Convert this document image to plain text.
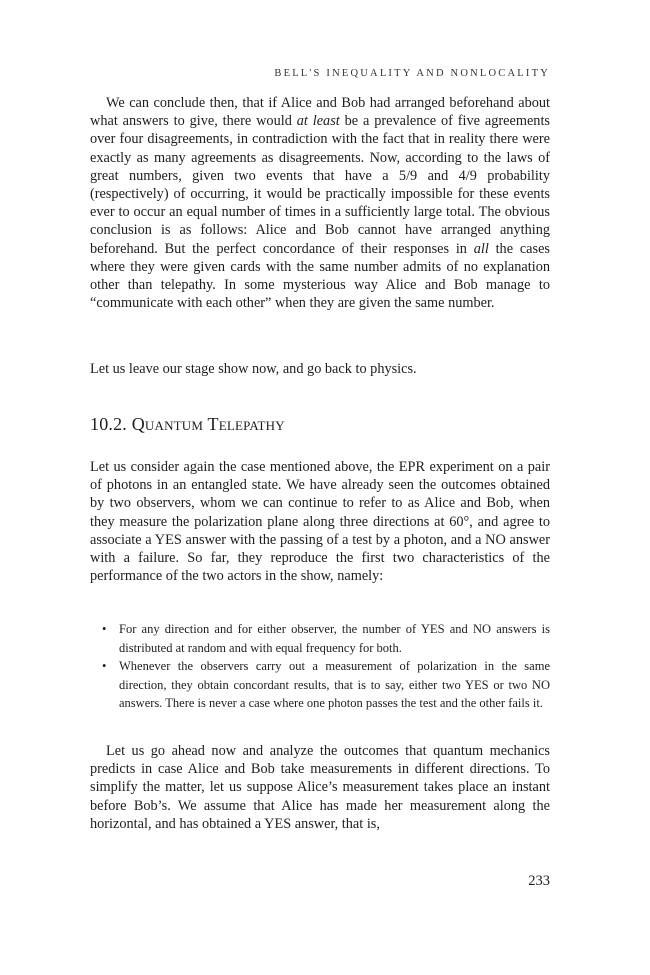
BELL'S INEQUALITY AND NONLOCALITY

We can conclude then, that if Alice and Bob had arranged beforehand about what answers to give, there would at least be a prevalence of five agreements over four disagreements, in contradiction with the fact that in reality there were exactly as many agreements as disagreements. Now, according to the laws of great numbers, given two events that have a 5/9 and 4/9 probability (respectively) of occurring, it would be practically impossible for these events ever to occur an equal number of times in a sufficiently large total. The obvious conclusion is as follows: Alice and Bob cannot have arranged anything beforehand. But the perfect concordance of their responses in all the cases where they were given cards with the same number admits of no explanation other than telepathy. In some mysterious way Alice and Bob manage to “communicate with each other” when they are given the same number.

Let us leave our stage show now, and go back to physics.

10.2. Quantum Telepathy

Let us consider again the case mentioned above, the EPR experiment on a pair of photons in an entangled state. We have already seen the outcomes obtained by two observers, whom we can continue to refer to as Alice and Bob, when they measure the polarization plane along three directions at 60°, and agree to associate a YES answer with the passing of a test by a photon, and a NO answer with a failure. So far, they reproduce the first two characteristics of the performance of the two actors in the show, namely:

• For any direction and for either observer, the number of YES and NO answers is distributed at random and with equal frequency for both.
• Whenever the observers carry out a measurement of polarization in the same direction, they obtain concordant results, that is to say, either two YES or two NO answers. There is never a case where one photon passes the test and the other fails it.

Let us go ahead now and analyze the outcomes that quantum mechanics predicts in case Alice and Bob take measurements in different directions. To simplify the matter, let us suppose Alice’s measurement takes place an instant before Bob’s. We assume that Alice has made her measurement along the horizontal, and has obtained a YES answer, that is,

233
